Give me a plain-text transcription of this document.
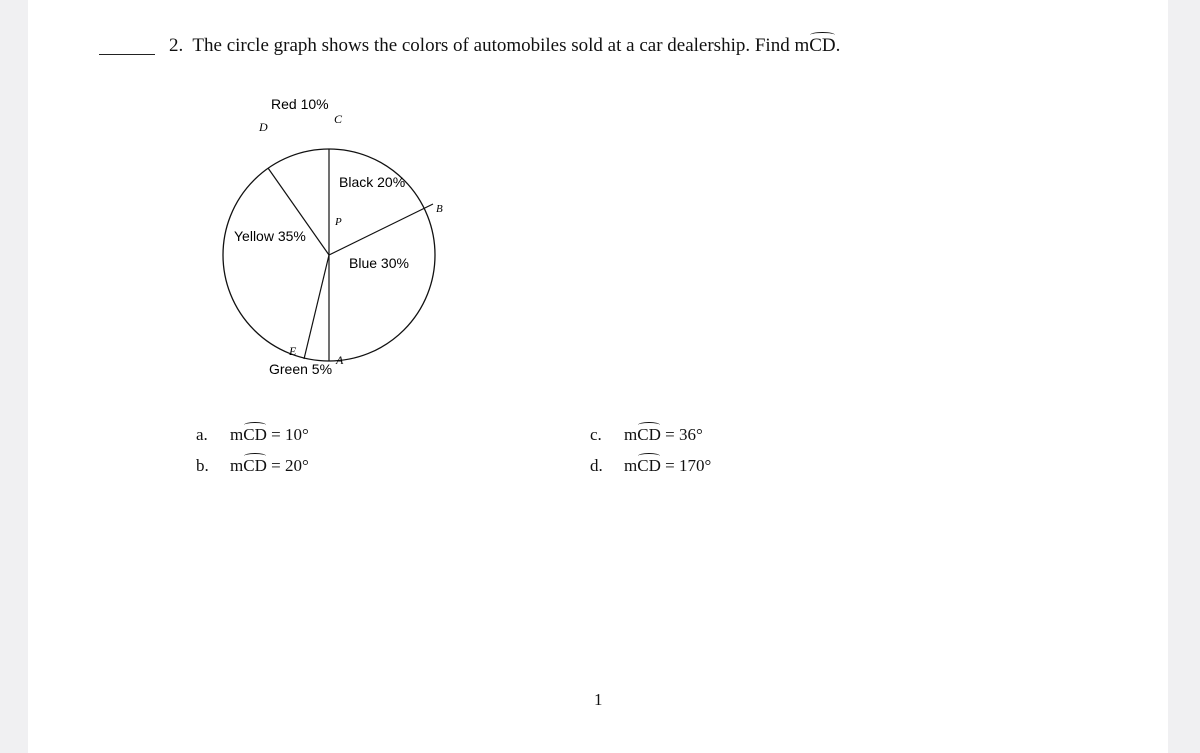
2. The circle graph shows the colors of automobiles sold at a car dealership. Find mCD.
Red 10%
Black 20%
Yellow 35%
Blue 30%
Green 5%
D
C
B
P
E
A
a. mCD = 10°
b. mCD = 20°
c. mCD = 36°
d. mCD = 170°
1
